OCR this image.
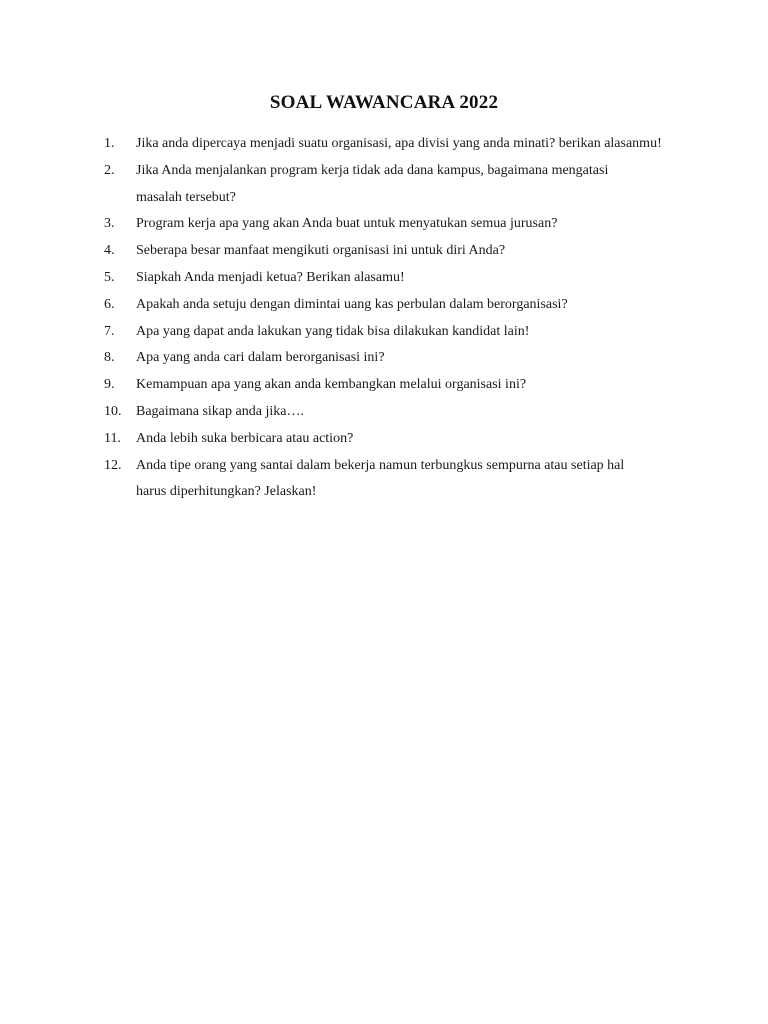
SOAL WAWANCARA 2022
1.	Jika anda dipercaya menjadi suatu organisasi, apa divisi yang anda minati? berikan alasanmu!
2.	Jika Anda menjalankan program kerja tidak ada dana kampus, bagaimana mengatasi masalah tersebut?
3.	Program kerja apa yang akan Anda buat untuk menyatukan semua jurusan?
4.	Seberapa besar manfaat mengikuti organisasi ini untuk diri Anda?
5.	Siapkah Anda menjadi ketua? Berikan alasamu!
6.	Apakah anda setuju dengan dimintai uang kas perbulan dalam berorganisasi?
7.	Apa yang dapat anda lakukan yang tidak bisa dilakukan kandidat lain!
8.	Apa yang anda cari dalam berorganisasi ini?
9.	Kemampuan apa yang akan anda kembangkan melalui organisasi ini?
10.	Bagaimana sikap anda jika….
11.	Anda lebih suka berbicara atau action?
12.	Anda tipe orang yang santai dalam bekerja namun terbungkus sempurna atau setiap hal harus diperhitungkan? Jelaskan!
